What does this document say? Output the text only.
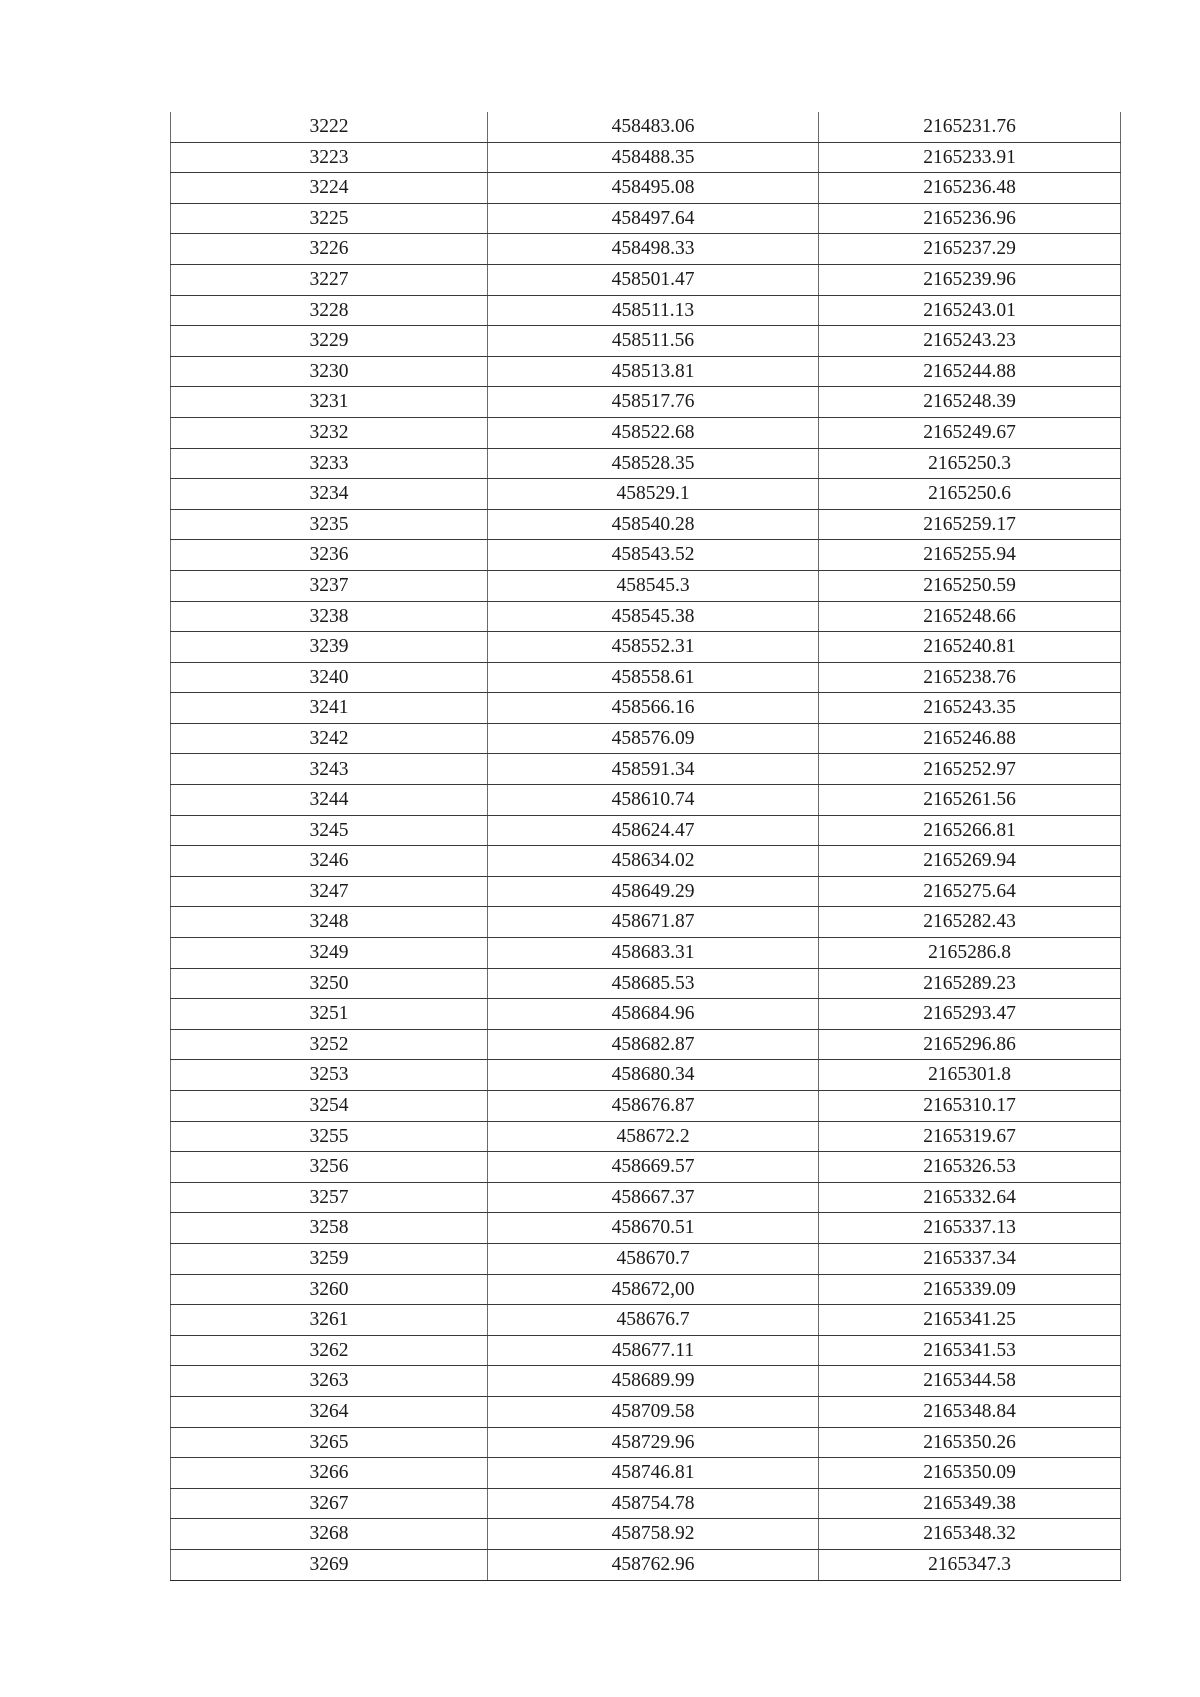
3222	458483.06	2165231.76
3223	458488.35	2165233.91
3224	458495.08	2165236.48
3225	458497.64	2165236.96
3226	458498.33	2165237.29
3227	458501.47	2165239.96
3228	458511.13	2165243.01
3229	458511.56	2165243.23
3230	458513.81	2165244.88
3231	458517.76	2165248.39
3232	458522.68	2165249.67
3233	458528.35	2165250.3
3234	458529.1	2165250.6
3235	458540.28	2165259.17
3236	458543.52	2165255.94
3237	458545.3	2165250.59
3238	458545.38	2165248.66
3239	458552.31	2165240.81
3240	458558.61	2165238.76
3241	458566.16	2165243.35
3242	458576.09	2165246.88
3243	458591.34	2165252.97
3244	458610.74	2165261.56
3245	458624.47	2165266.81
3246	458634.02	2165269.94
3247	458649.29	2165275.64
3248	458671.87	2165282.43
3249	458683.31	2165286.8
3250	458685.53	2165289.23
3251	458684.96	2165293.47
3252	458682.87	2165296.86
3253	458680.34	2165301.8
3254	458676.87	2165310.17
3255	458672.2	2165319.67
3256	458669.57	2165326.53
3257	458667.37	2165332.64
3258	458670.51	2165337.13
3259	458670.7	2165337.34
3260	458672,00	2165339.09
3261	458676.7	2165341.25
3262	458677.11	2165341.53
3263	458689.99	2165344.58
3264	458709.58	2165348.84
3265	458729.96	2165350.26
3266	458746.81	2165350.09
3267	458754.78	2165349.38
3268	458758.92	2165348.32
3269	458762.96	2165347.3
